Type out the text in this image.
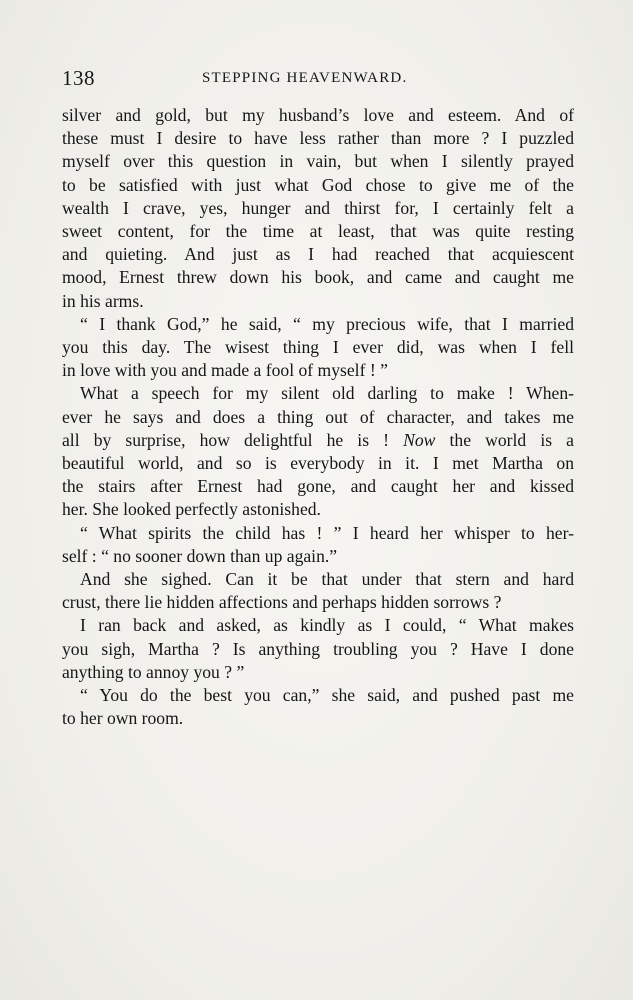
138	STEPPING HEAVENWARD.
silver and gold, but my husband’s love and esteem. And of
these must I desire to have less rather than more ? I puzzled
myself over this question in vain, but when I silently prayed
to be satisfied with just what God chose to give me of the
wealth I crave, yes, hunger and thirst for, I certainly felt a
sweet content, for the time at least, that was quite resting
and quieting. And just as I had reached that acquiescent
mood, Ernest threw down his book, and came and caught me
in his arms.
“ I thank God,” he said, “ my precious wife, that I married
you this day. The wisest thing I ever did, was when I fell
in love with you and made a fool of myself ! ”
What a speech for my silent old darling to make ! When-
ever he says and does a thing out of character, and takes me
all by surprise, how delightful he is ! Now the world is a
beautiful world, and so is everybody in it. I met Martha on
the stairs after Ernest had gone, and caught her and kissed
her. She looked perfectly astonished.
“ What spirits the child has ! ” I heard her whisper to her-
self : “ no sooner down than up again.”
And she sighed. Can it be that under that stern and hard
crust, there lie hidden affections and perhaps hidden sorrows ?
I ran back and asked, as kindly as I could, “ What makes
you sigh, Martha ? Is anything troubling you ? Have I done
anything to annoy you ? ”
“ You do the best you can,” she said, and pushed past me
to her own room.
